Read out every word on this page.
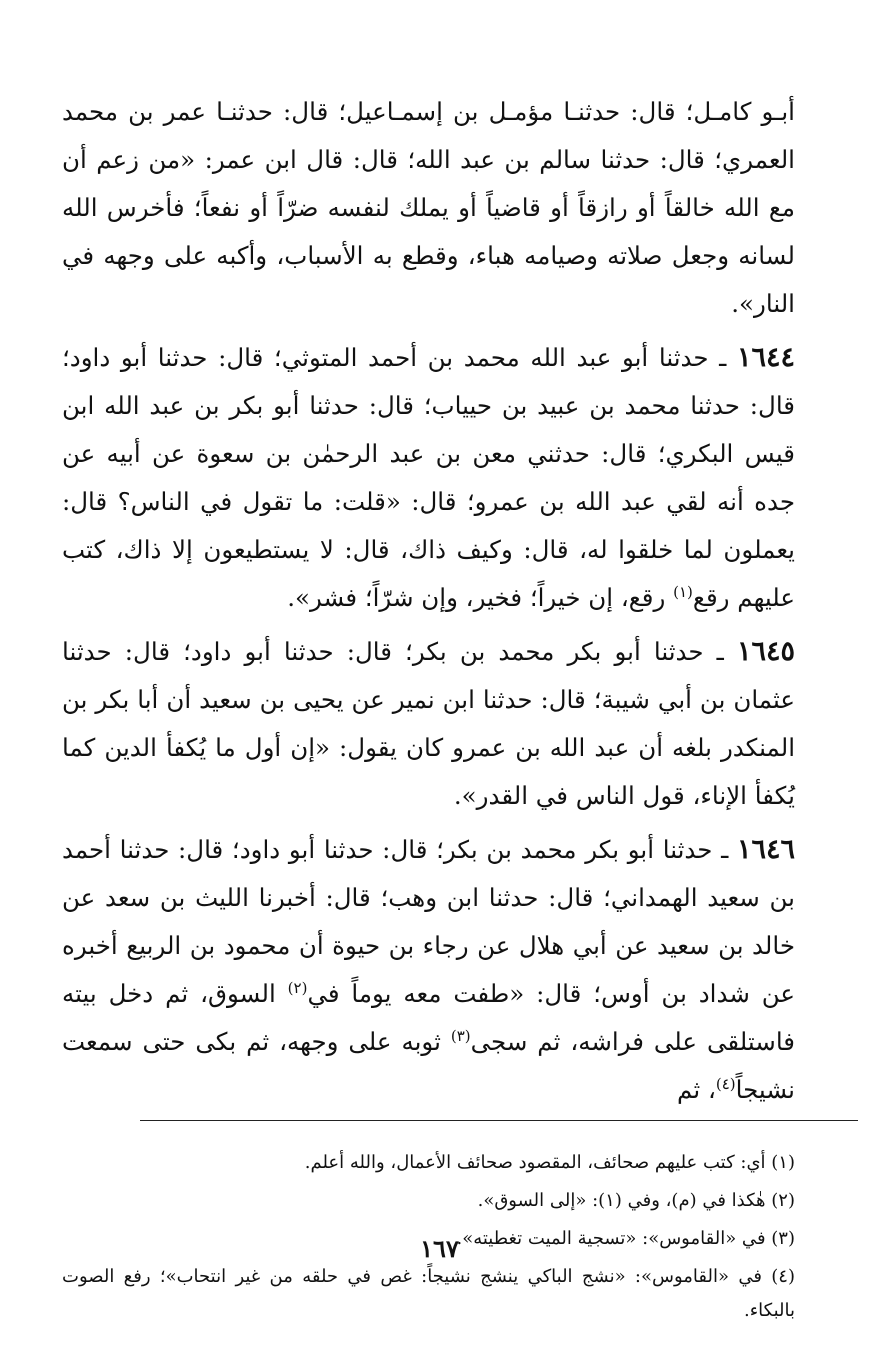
أبـو كامـل؛ قال: حدثنـا مؤمـل بن إسمـاعيل؛ قال: حدثنـا عمر بن محمد العمري؛ قال: حدثنا سالم بن عبد الله؛ قال: قال ابن عمر: «من زعم أن مع الله خالقاً أو رازقاً أو قاضياً أو يملك لنفسه ضرّاً أو نفعاً؛ فأخرس الله لسانه وجعل صلاته وصيامه هباء، وقطع به الأسباب، وأكبه على وجهه في النار».

١٦٤٤ ـ حدثنا أبو عبد الله محمد بن أحمد المتوثي؛ قال: حدثنا أبو داود؛ قال: حدثنا محمد بن عبيد بن حيياب؛ قال: حدثنا أبو بكر بن عبد الله ابن قيس البكري؛ قال: حدثني معن بن عبد الرحمٰن بن سعوة عن أبيه عن جده أنه لقي عبد الله بن عمرو؛ قال: «قلت: ما تقول في الناس؟ قال: يعملون لما خلقوا له، قال: وكيف ذاك، قال: لا يستطيعون إلا ذاك، كتب عليهم رقع$^{(١)}$ رقع، إن خيراً؛ فخير، وإن شرّاً؛ فشر».

١٦٤٥ ـ حدثنا أبو بكر محمد بن بكر؛ قال: حدثنا أبو داود؛ قال: حدثنا عثمان بن أبي شيبة؛ قال: حدثنا ابن نمير عن يحيى بن سعيد أن أبا بكر بن المنكدر بلغه أن عبد الله بن عمرو كان يقول: «إن أول ما يُكفأ الدين كما يُكفأ الإناء، قول الناس في القدر».

١٦٤٦ ـ حدثنا أبو بكر محمد بن بكر؛ قال: حدثنا أبو داود؛ قال: حدثنا أحمد بن سعيد الهمداني؛ قال: حدثنا ابن وهب؛ قال: أخبرنا الليث بن سعد عن خالد بن سعيد عن أبي هلال عن رجاء بن حيوة أن محمود بن الربيع أخبره عن شداد بن أوس؛ قال: «طفت معه يوماً في$^{(٢)}$ السوق، ثم دخل بيته فاستلقى على فراشه، ثم سجى$^{(٣)}$ ثوبه على وجهه، ثم بكى حتى سمعت نشيجاً$^{(٤)}$، ثم

(١) أي: كتب عليهم صحائف، المقصود صحائف الأعمال، والله أعلم.

(٢) هٰكذا في (م)، وفي (١): «إلى السوق».

(٣) في «القاموس»: «تسجية الميت تغطيته».

(٤) في «القاموس»: «نشج الباكي ينشج نشيجاً: غص في حلقه من غير انتحاب»؛ رفع الصوت بالبكاء.

١٦٧
